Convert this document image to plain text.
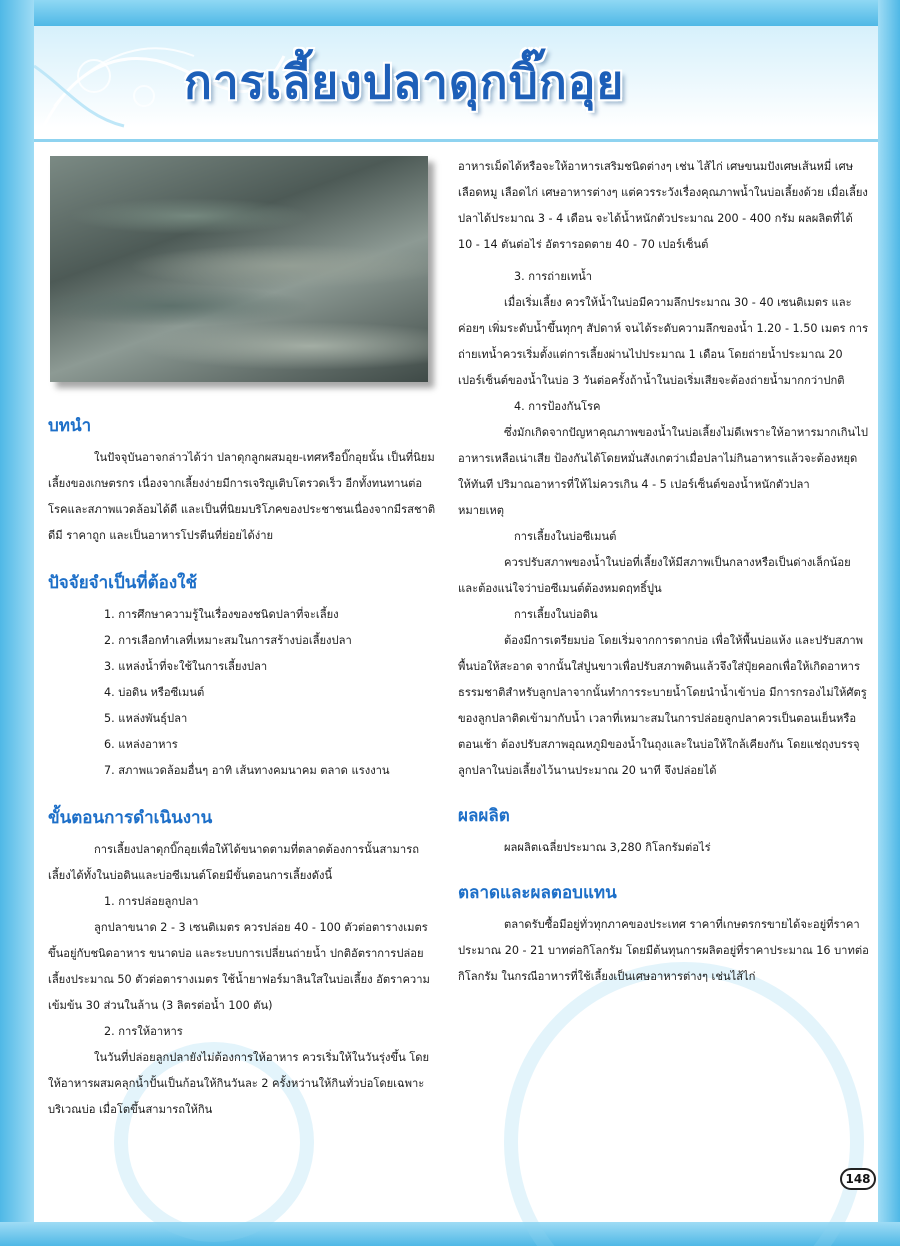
การเลี้ยงปลาดุกบิ๊กอุย
บทนำ

ในปัจจุบันอาจกล่าวได้ว่า ปลาดุกลูกผสมอุย-เทศหรือบิ๊กอุยนั้น เป็นที่นิยมเลี้ยงของเกษตรกร เนื่องจากเลี้ยงง่ายมีการเจริญเติบโตรวดเร็ว อีกทั้งทนทานต่อโรคและสภาพแวดล้อมได้ดี และเป็นที่นิยมบริโภคของประชาชนเนื่องจากมีรสชาติดีมี ราคาถูก และเป็นอาหารโปรตีนที่ย่อยได้ง่าย

ปัจจัยจำเป็นที่ต้องใช้

1. การศึกษาความรู้ในเรื่องของชนิดปลาที่จะเลี้ยง

2. การเลือกทำเลที่เหมาะสมในการสร้างบ่อเลี้ยงปลา

3. แหล่งน้ำที่จะใช้ในการเลี้ยงปลา

4. บ่อดิน หรือซีเมนต์

5. แหล่งพันธุ์ปลา

6. แหล่งอาหาร

7. สภาพแวดล้อมอื่นๆ อาทิ เส้นทางคมนาคม ตลาด แรงงาน

ขั้นตอนการดำเนินงาน

การเลี้ยงปลาดุกบิ๊กอุยเพื่อให้ได้ขนาดตามที่ตลาดต้องการนั้นสามารถเลี้ยงได้ทั้งในบ่อดินและบ่อซีเมนต์โดยมีขั้นตอนการเลี้ยงดังนี้

1. การปล่อยลูกปลา

ลูกปลาขนาด 2 - 3 เซนติเมตร ควรปล่อย 40 - 100 ตัวต่อตารางเมตร ขึ้นอยู่กับชนิดอาหาร ขนาดบ่อ และระบบการเปลี่ยนถ่ายน้ำ ปกติอัตราการปล่อยเลี้ยงประมาณ 50 ตัวต่อตารางเมตร ใช้น้ำยาฟอร์มาลินใสในบ่อเลี้ยง อัตราความเข้มข้น 30 ส่วนในล้าน (3 ลิตรต่อน้ำ 100 ตัน)

2. การให้อาหาร

ในวันที่ปล่อยลูกปลายังไม่ต้องการให้อาหาร ควรเริ่มให้ในวันรุ่งขึ้น โดยให้อาหารผสมคลุกน้ำปั้นเป็นก้อนให้กินวันละ 2 ครั้งหว่านให้กินทั่วบ่อโดยเฉพาะบริเวณบ่อ เมื่อโตขึ้นสามารถให้กิน

อาหารเม็ดได้หรือจะให้อาหารเสริมชนิดต่างๆ เช่น ไส้ไก่ เศษขนมปังเศษเส้นหมี่ เศษเลือดหมู เลือดไก่ เศษอาหารต่างๆ แต่ควรระวังเรื่องคุณภาพน้ำในบ่อเลี้ยงด้วย เมื่อเลี้ยงปลาได้ประมาณ 3 - 4 เดือน จะได้น้ำหนักตัวประมาณ 200 - 400 กรัม ผลผลิตที่ได้ 10 - 14 ตันต่อไร่ อัตรารอดตาย 40 - 70 เปอร์เซ็นต์

3. การถ่ายเทน้ำ

เมื่อเริ่มเลี้ยง ควรให้น้ำในบ่อมีความลึกประมาณ 30 - 40 เซนติเมตร และค่อยๆ เพิ่มระดับน้ำขึ้นทุกๆ สัปดาห์ จนได้ระดับความลึกของน้ำ 1.20 - 1.50 เมตร การถ่ายเทน้ำควรเริ่มตั้งแต่การเลี้ยงผ่านไปประมาณ 1 เดือน โดยถ่ายน้ำประมาณ 20 เปอร์เซ็นต์ของน้ำในบ่อ 3 วันต่อครั้งถ้าน้ำในบ่อเริ่มเสียจะต้องถ่ายน้ำมากกว่าปกติ

4. การป้องกันโรค

ซึ่งมักเกิดจากปัญหาคุณภาพของน้ำในบ่อเลี้ยงไม่ดีเพราะให้อาหารมากเกินไป อาหารเหลือเน่าเสีย ป้องกันได้โดยหมั่นสังเกตว่าเมื่อปลาไม่กินอาหารแล้วจะต้องหยุดให้ทันที ปริมาณอาหารที่ให้ไม่ควรเกิน 4 - 5 เปอร์เซ็นต์ของน้ำหนักตัวปลา

หมายเหตุ

การเลี้ยงในบ่อซีเมนต์

ควรปรับสภาพของน้ำในบ่อที่เลี้ยงให้มีสภาพเป็นกลางหรือเป็นด่างเล็กน้อย และต้องแน่ใจว่าบ่อซีเมนต์ต้องหมดฤทธิ์ปูน

การเลี้ยงในบ่อดิน

ต้องมีการเตรียมบ่อ โดยเริ่มจากการตากบ่อ เพื่อให้พื้นบ่อแห้ง และปรับสภาพพื้นบ่อให้สะอาด จากนั้นใส่ปูนขาวเพื่อปรับสภาพดินแล้วจึงใส่ปุ๋ยคอกเพื่อให้เกิดอาหารธรรมชาติสำหรับลูกปลาจากนั้นทำการระบายน้ำโดยนำน้ำเข้าบ่อ มีการกรองไม่ให้ศัตรูของลูกปลาติดเข้ามากับน้ำ เวลาที่เหมาะสมในการปล่อยลูกปลาควรเป็นตอนเย็นหรือตอนเช้า ต้องปรับสภาพอุณหภูมิของน้ำในถุงและในบ่อให้ใกล้เคียงกัน โดยแช่ถุงบรรจุลูกปลาในบ่อเลี้ยงไว้นานประมาณ 20 นาที จึงปล่อยได้

ผลผลิต

ผลผลิตเฉลี่ยประมาณ 3,280 กิโลกรัมต่อไร่

ตลาดและผลตอบแทน

ตลาดรับซื้อมีอยู่ทั่วทุกภาคของประเทศ ราคาที่เกษตรกรขายได้จะอยู่ที่ราคาประมาณ 20 - 21 บาทต่อกิโลกรัม โดยมีต้นทุนการผลิตอยู่ที่ราคาประมาณ 16 บาทต่อกิโลกรัม ในกรณีอาหารที่ใช้เลี้ยงเป็นเศษอาหารต่างๆ เช่นไส้ไก่

148
